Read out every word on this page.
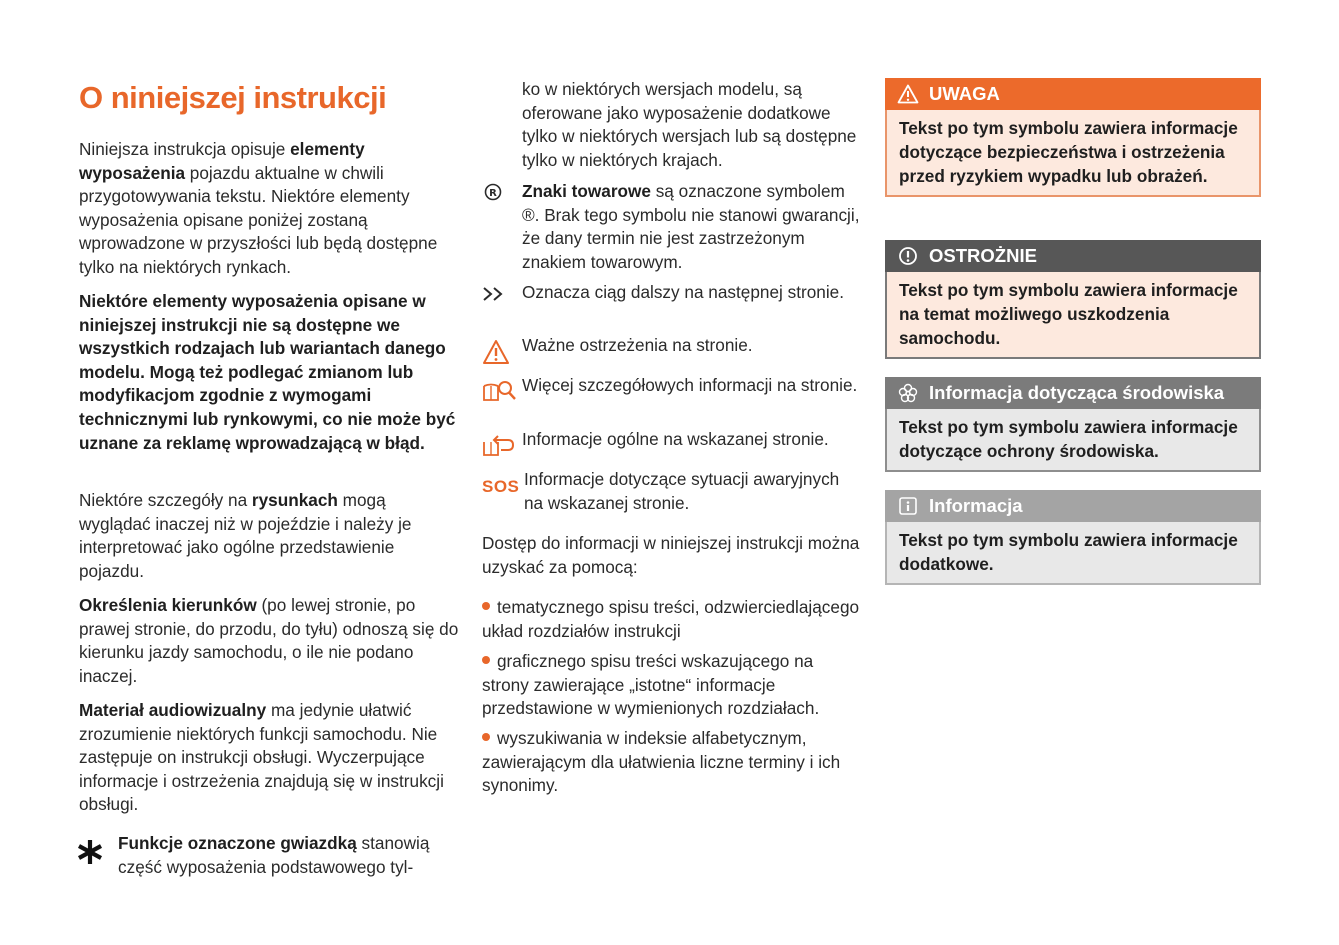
O niniejszej instrukcji

Niniejsza instrukcja opisuje elementy wyposażenia pojazdu aktualne w chwili przygotowywania tekstu. Niektóre elementy wyposażenia opisane poniżej zostaną wprowadzone w przyszłości lub będą dostępne tylko na niektórych rynkach.

Niektóre elementy wyposażenia opisane w niniejszej instrukcji nie są dostępne we wszystkich rodzajach lub wariantach danego modelu. Mogą też podlegać zmianom lub modyfikacjom zgodnie z wymogami technicznymi lub rynkowymi, co nie może być uznane za reklamę wprowadzającą w błąd.

Niektóre szczegóły na rysunkach mogą wyglądać inaczej niż w pojeździe i należy je interpretować jako ogólne przedstawienie pojazdu.

Określenia kierunków (po lewej stronie, po prawej stronie, do przodu, do tyłu) odnoszą się do kierunku jazdy samochodu, o ile nie podano inaczej.

Materiał audiowizualny ma jedynie ułatwić zrozumienie niektórych funkcji samochodu. Nie zastępuje on instrukcji obsługi. Wyczerpujące informacje i ostrzeżenia znajdują się w instrukcji obsługi.

Funkcje oznaczone gwiazdką stanowią część wyposażenia podstawowego tyl-

ko w niektórych wersjach modelu, są oferowane jako wyposażenie dodatkowe tylko w niektórych wersjach lub są dostępne tylko w niektórych krajach.

R Znaki towarowe są oznaczone symbolem ®. Brak tego symbolu nie stanowi gwarancji, że dany termin nie jest zastrzeżonym znakiem towarowym.

Oznacza ciąg dalszy na następnej stronie.

Ważne ostrzeżenia na stronie.

Więcej szczegółowych informacji na stronie.

Informacje ogólne na wskazanej stronie.

SOS Informacje dotyczące sytuacji awaryjnych na wskazanej stronie.

Dostęp do informacji w niniejszej instrukcji można uzyskać za pomocą:

tematycznego spisu treści, odzwierciedlającego układ rozdziałów instrukcji

graficznego spisu treści wskazującego na strony zawierające „istotne“ informacje przedstawione w wymienionych rozdziałach.

wyszukiwania w indeksie alfabetycznym, zawierającym dla ułatwienia liczne terminy i ich synonimy.

UWAGA
Tekst po tym symbolu zawiera informacje dotyczące bezpieczeństwa i ostrzeżenia przed ryzykiem wypadku lub obrażeń.
OSTROŻNIE
Tekst po tym symbolu zawiera informacje na temat możliwego uszkodzenia samochodu.
Informacja dotycząca środowiska
Tekst po tym symbolu zawiera informacje dotyczące ochrony środowiska.
Informacja
Tekst po tym symbolu zawiera informacje dodatkowe.
